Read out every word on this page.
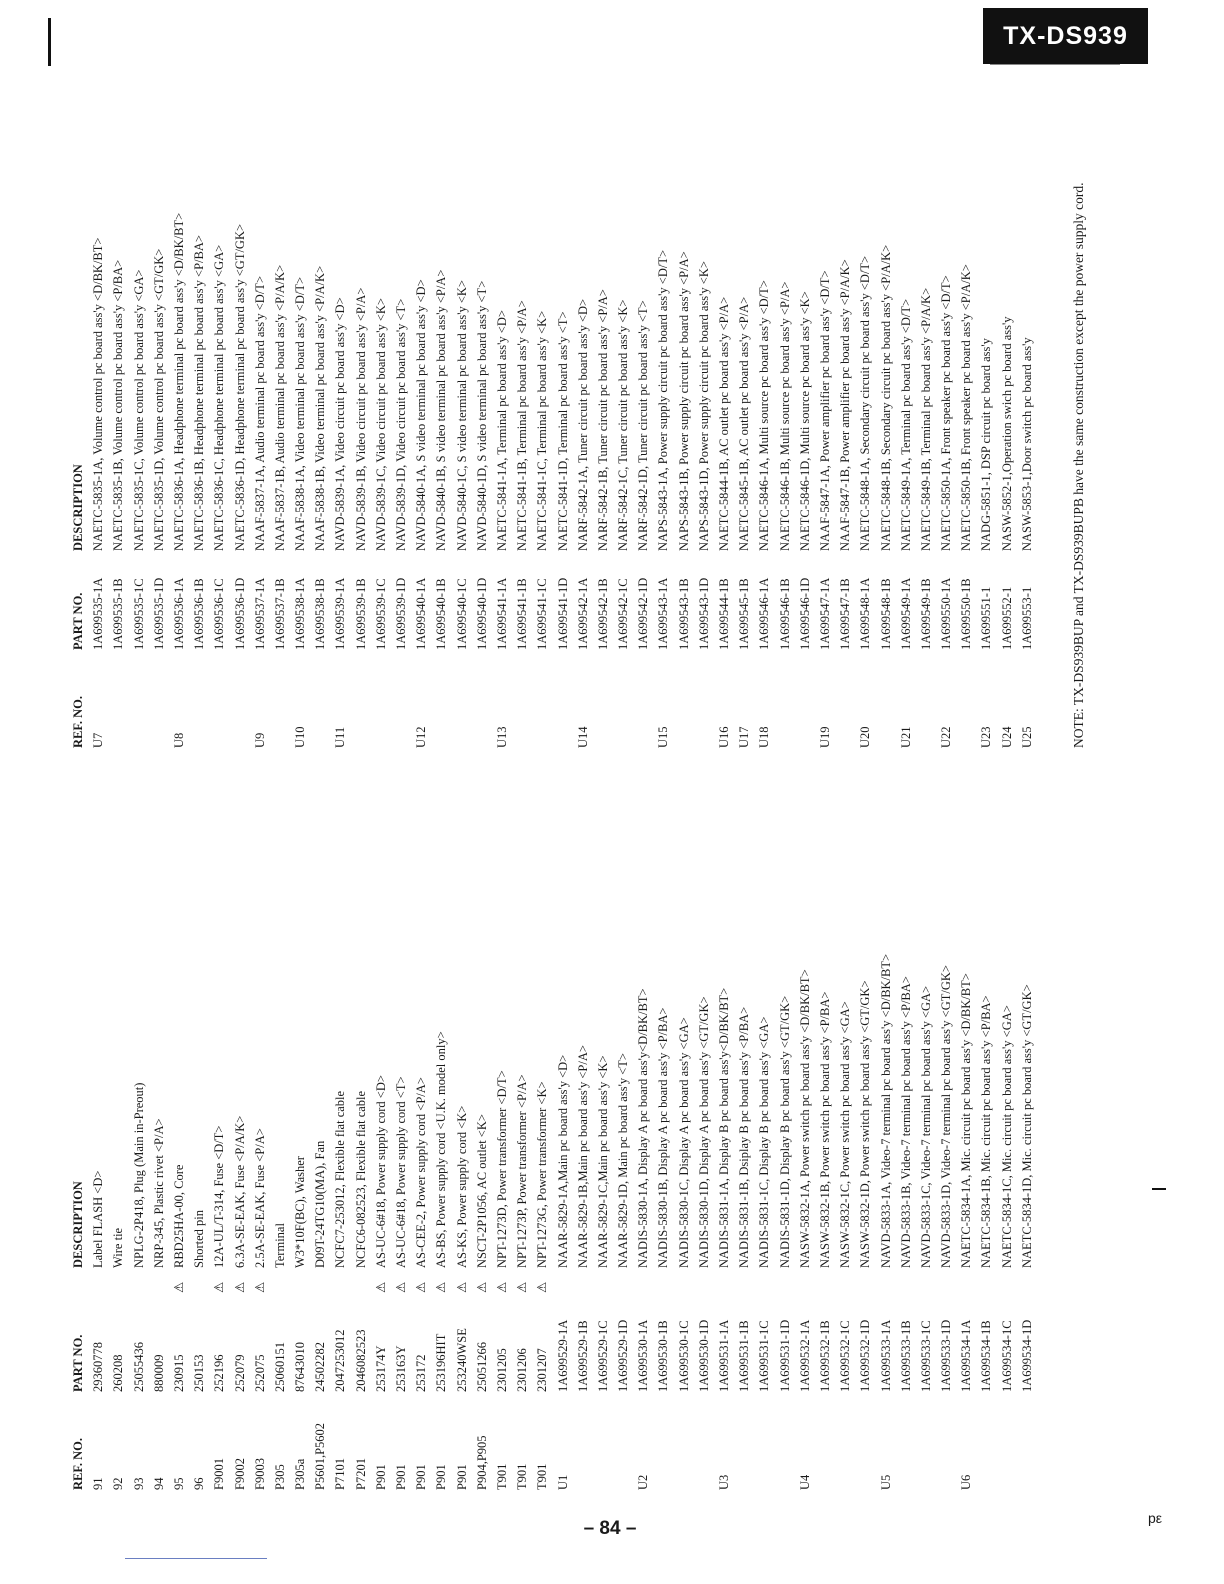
TX-DS939
REF. NO.
PART NO.
DESCRIPTION
91
29360778
Label FLASH <D>
92
260208
Wire tie
93
25055436
NPLG-2P418, Plug (Main in-Preout)
94
880009
NRP-345, Plastic rivet <P/A>
95
230915
⚠
RBD25HA-00, Core
96
250153
Shorted pin
F9001
252196
⚠
12A-UL/T-314, Fuse <D/T>
F9002
252079
⚠
6.3A-SE-EAK, Fuse <P/A/K>
F9003
252075
⚠
2.5A-SE-EAK, Fuse <P/A>
P305
25060151
Terminal
P305a
87643010
W3*10F(BC), Washer
P5601,P5602
24502282
D09T-24TG10(MA), Fan
P7101
2047253012
NCFC7-253012, Flexible flat cable
P7201
2046082523
NCFC6-082523, Flexible flat cable
P901
253174Y
⚠
AS-UC-6#18, Power supply cord <D>
P901
253163Y
⚠
AS-UC-6#18, Power supply cord <T>
P901
253172
⚠
AS-CEE-2, Power supply cord <P/A>
P901
253196HIT
⚠
AS-BS, Power supply cord <U.K. model only>
P901
253240WSE
⚠
AS-KS, Power supply cord <K>
P904,P905
25051266
⚠
NSCT-2P1056, AC outlet <K>
T901
2301205
⚠
NPT-1273D, Power transformer <D/T>
T901
2301206
⚠
NPT-1273P, Power transformer <P/A>
T901
2301207
⚠
NPT-1273G, Power transformer <K>
U1
1A699529-1A
NAAR-5829-1A,Main pc board ass'y <D>
1A699529-1B
NAAR-5829-1B,Main pc board ass'y <P/A>
1A699529-1C
NAAR-5829-1C,Main pc board ass'y <K>
1A699529-1D
NAAR-5829-1D, Main pc board ass'y <T>
U2
1A699530-1A
NADIS-5830-1A, Display A pc board ass'y<D/BK/BT>
1A699530-1B
NADIS-5830-1B, Display A pc board ass'y <P/BA>
1A699530-1C
NADIS-5830-1C, Display A pc board ass'y <GA>
1A699530-1D
NADIS-5830-1D, Display A pc board ass'y <GT/GK>
U3
1A699531-1A
NADIS-5831-1A, Display B pc board ass'y<D/BK/BT>
1A699531-1B
NADIS-5831-1B, Dsiplay B pc board ass'y <P/BA>
1A699531-1C
NADIS-5831-1C, Display B pc board ass'y <GA>
1A699531-1D
NADIS-5831-1D, Display B pc board ass'y <GT/GK>
U4
1A699532-1A
NASW-5832-1A, Power switch pc board ass'y <D/BK/BT>
1A699532-1B
NASW-5832-1B, Power switch pc board ass'y <P/BA>
1A699532-1C
NASW-5832-1C, Power switch pc board ass'y <GA>
1A699532-1D
NASW-5832-1D, Power switch pc board ass'y <GT/GK>
U5
1A699533-1A
NAVD-5833-1A, Video-7 terminal pc board ass'y <D/BK/BT>
1A699533-1B
NAVD-5833-1B, Video-7 terminal pc board ass'y <P/BA>
1A699533-1C
NAVD-5833-1C, Video-7 terminal pc board ass'y <GA>
1A699533-1D
NAVD-5833-1D, Video-7 terminal pc board ass'y <GT/GK>
U6
1A699534-1A
NAETC-5834-1A, Mic. circuit pc board ass'y <D/BK/BT>
1A699534-1B
NAETC-5834-1B, Mic. circuit pc board ass'y <P/BA>
1A699534-1C
NAETC-5834-1C, Mic. circuit pc board ass'y <GA>
1A699534-1D
NAETC-5834-1D, Mic. circuit pc board ass'y <GT/GK>
REF. NO.
PART NO.
DESCRIPTION
U7
1A699535-1A
NAETC-5835-1A, Volume control pc board ass'y <D/BK/BT>
1A699535-1B
NAETC-5835-1B, Volume control pc board ass'y <P/BA>
1A699535-1C
NAETC-5835-1C, Volume control pc board ass'y <GA>
1A699535-1D
NAETC-5835-1D, Volume control pc board ass'y <GT/GK>
U8
1A699536-1A
NAETC-5836-1A, Headphone terminal pc board ass'y <D/BK/BT>
1A699536-1B
NAETC-5836-1B, Headphone terminal pc board ass'y <P/BA>
1A699536-1C
NAETC-5836-1C, Headphone terminal pc board ass'y <GA>
1A699536-1D
NAETC-5836-1D, Headphone terminal pc board ass'y <GT/GK>
U9
1A699537-1A
NAAF-5837-1A, Audio terminal pc board ass'y <D/T>
1A699537-1B
NAAF-5837-1B, Audio terminal pc board ass'y <P/A/K>
U10
1A699538-1A
NAAF-5838-1A, Video terminal pc board ass'y <D/T>
1A699538-1B
NAAF-5838-1B, Video terminal pc board ass'y <P/A/K>
U11
1A699539-1A
NAVD-5839-1A, Video circuit pc board ass'y <D>
1A699539-1B
NAVD-5839-1B, Video circuit pc board ass'y <P/A>
1A699539-1C
NAVD-5839-1C, Video circuit pc board ass'y <K>
1A699539-1D
NAVD-5839-1D, Video circuit pc board ass'y <T>
U12
1A699540-1A
NAVD-5840-1A, S video terminal pc board ass'y <D>
1A699540-1B
NAVD-5840-1B, S video terminal pc board ass'y <P/A>
1A699540-1C
NAVD-5840-1C, S video terminal pc board ass'y <K>
1A699540-1D
NAVD-5840-1D, S video terminal pc board ass'y <T>
U13
1A699541-1A
NAETC-5841-1A, Terminal pc board ass'y <D>
1A699541-1B
NAETC-5841-1B, Terminal pc board ass'y <P/A>
1A699541-1C
NAETC-5841-1C, Terminal pc board ass'y <K>
1A699541-1D
NAETC-5841-1D, Terminal pc board ass'y <T>
U14
1A699542-1A
NARF-5842-1A, Tuner circuit pc board ass'y <D>
1A699542-1B
NARF-5842-1B, Tuner circuit pc board ass'y <P/A>
1A699542-1C
NARF-5842-1C, Tuner circuit pc board ass'y <K>
1A699542-1D
NARF-5842-1D, Tuner circuit pc board ass'y <T>
U15
1A699543-1A
NAPS-5843-1A, Power supply circuit pc board ass'y <D/T>
1A699543-1B
NAPS-5843-1B, Power supply circuit pc board ass'y <P/A>
1A699543-1D
NAPS-5843-1D, Power supply circuit pc board ass'y <K>
U16
1A699544-1B
NAETC-5844-1B, AC outlet pc board ass'y <P/A>
U17
1A699545-1B
NAETC-5845-1B, AC outlet pc board ass'y <P/A>
U18
1A699546-1A
NAETC-5846-1A, Multi source pc board ass'y <D/T>
1A699546-1B
NAETC-5846-1B, Multi source pc board ass'y <P/A>
1A699546-1D
NAETC-5846-1D, Multi source pc board ass'y <K>
U19
1A699547-1A
NAAF-5847-1A, Power amplifier pc board ass'y <D/T>
1A699547-1B
NAAF-5847-1B, Power amplifier pc board ass'y <P/A/K>
U20
1A699548-1A
NAETC-5848-1A, Secondary circuit pc board ass'y <D/T>
1A699548-1B
NAETC-5848-1B, Secondary circuit pc board ass'y <P/A/K>
U21
1A699549-1A
NAETC-5849-1A, Terminal pc board ass'y <D/T>
1A699549-1B
NAETC-5849-1B, Terminal pc board ass'y <P/A/K>
U22
1A699550-1A
NAETC-5850-1A, Front speaker pc board ass'y <D/T>
1A699550-1B
NAETC-5850-1B, Front speaker pc board ass'y <P/A/K>
U23
1A699551-1
NADG-5851-1, DSP circuit pc board ass'y
U24
1A699552-1
NASW-5852-1,Operation swich pc board ass'y
U25
1A699553-1
NASW-5853-1,Door switch pc board ass'y	NOTE: TX-DS939BUP and TX-DS939BUPB have the same construction except the power supply cord.
– 84 –	pε
